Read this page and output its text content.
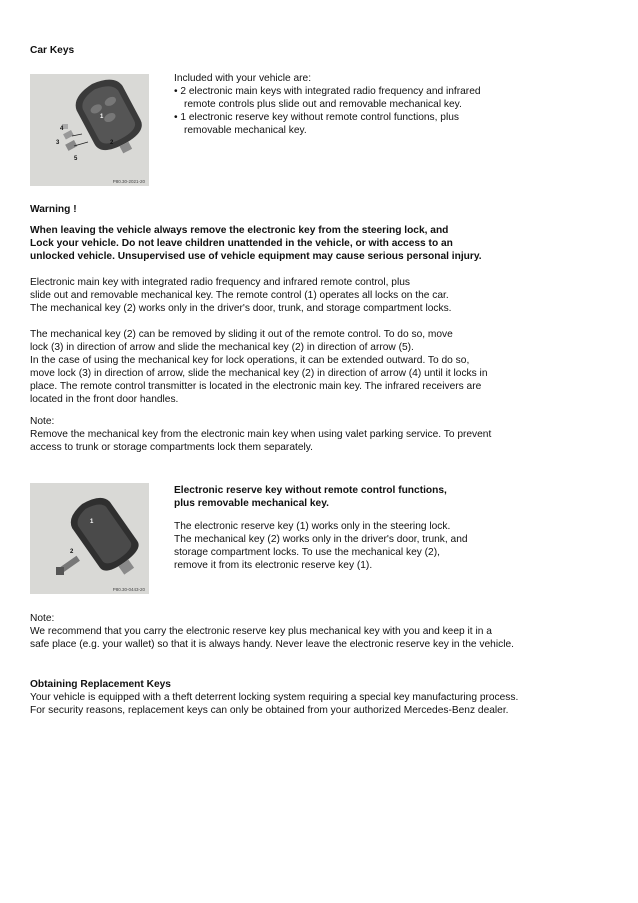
Car Keys
1
2
4
3
5
P80.30-2021-20
Included with your vehicle are:
• 2 electronic main keys with integrated radio frequency and infrared
remote controls plus slide out and removable mechanical key.
• 1 electronic reserve key without remote control functions, plus
removable mechanical key.
Warning !
When leaving the vehicle always remove the electronic key from the steering lock, and
Lock your vehicle. Do not leave children unattended in the vehicle, or with access to an
unlocked vehicle. Unsupervised use of vehicle equipment may cause serious personal injury.
Electronic main key with integrated radio frequency and infrared remote control, plus
slide out and removable mechanical key. The remote control (1) operates all locks on the car.
The mechanical key (2) works only in the driver's door, trunk, and storage compartment locks.
The mechanical key (2) can be removed by sliding it out of the remote control. To do so, move
lock (3) in direction of arrow and slide the mechanical key (2) in direction of arrow (5).
In the case of using the mechanical key for lock operations, it can be extended outward. To do so,
move lock (3) in direction of arrow, slide the mechanical key (2) in direction of arrow (4) until it locks in
place. The remote control transmitter is located in the electronic main key. The infrared receivers are
located in the front door handles.
Note:
Remove the mechanical key from the electronic main key when using valet parking service. To prevent
access to trunk or storage compartments lock them separately.
1
2
P80.30-0443-20
Electronic reserve key without remote control functions,
plus removable mechanical key.
The electronic reserve key (1) works only in the steering lock.
The mechanical key (2) works only in the driver's door, trunk, and
storage compartment locks. To use the mechanical key (2),
remove it from its electronic reserve key (1).
Note:
We recommend that you carry the electronic reserve key plus mechanical key with you and keep it in a
safe place (e.g. your wallet) so that it is always handy. Never leave the electronic reserve key in the vehicle.
Obtaining Replacement Keys
Your vehicle is equipped with a theft deterrent locking system requiring a special key manufacturing process.
For security reasons, replacement keys can only be obtained from your authorized Mercedes-Benz dealer.
